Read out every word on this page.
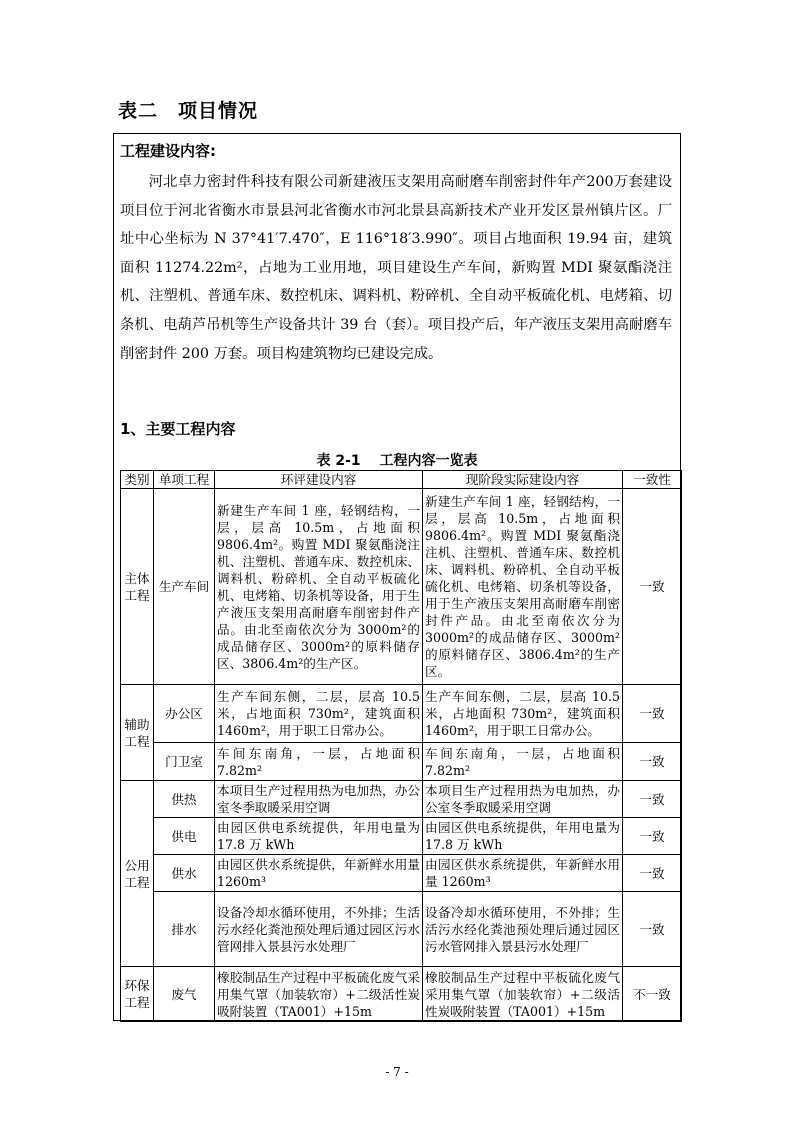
表二　项目情况
工程建设内容:

河北卓力密封件科技有限公司新建液压支架用高耐磨车削密封件年产200万套建设项目位于河北省衡水市景县河北省衡水市河北景县高新技术产业开发区景州镇片区。厂址中心坐标为 N 37°41′7.470″，E 116°18′3.990″。项目占地面积 19.94 亩，建筑面积 11274.22m²，占地为工业用地，项目建设生产车间，新购置 MDI 聚氨酯浇注机、注塑机、普通车床、数控机床、调料机、粉碎机、全自动平板硫化机、电烤箱、切条机、电葫芦吊机等生产设备共计 39 台（套）。项目投产后，年产液压支架用高耐磨车削密封件 200 万套。项目构建筑物均已建设完成。

1、主要工程内容
表 2-1　 工程内容一览表
类别	单项工程	环评建设内容	现阶段实际建设内容	一致性
主体工程	生产车间	新建生产车间 1 座，轻钢结构，一层，层高 10.5m，占地面积 9806.4m²。购置 MDI 聚氨酯浇注机、注塑机、普通车床、数控机床、调料机、粉碎机、全自动平板硫化机、电烤箱、切条机等设备，用于生产液压支架用高耐磨车削密封件产品。由北至南依次分为 3000m²的成品储存区、3000m²的原料储存区、3806.4m²的生产区。	新建生产车间 1 座，轻钢结构，一层，层高 10.5m，占地面积 9806.4m²。购置 MDI 聚氨酯浇注机、注塑机、普通车床、数控机床、调料机、粉碎机、全自动平板硫化机、电烤箱、切条机等设备，用于生产液压支架用高耐磨车削密封件产品。由北至南依次分为 3000m²的成品储存区、3000m²的原料储存区、3806.4m²的生产区。	一致
辅助工程	办公区	生产车间东侧，二层，层高 10.5 米，占地面积 730m²，建筑面积 1460m²，用于职工日常办公。	生产车间东侧，二层，层高 10.5 米，占地面积 730m²，建筑面积 1460m²，用于职工日常办公。	一致
	门卫室	车间东南角，一层，占地面积 7.82m²	车间东南角，一层，占地面积 7.82m²	一致
公用工程	供热	本项目生产过程用热为电加热，办公室冬季取暖采用空调	本项目生产过程用热为电加热，办公室冬季取暖采用空调	一致
	供电	由园区供电系统提供，年用电量为 17.8 万 kWh	由园区供电系统提供，年用电量为 17.8 万 kWh	一致
	供水	由园区供水系统提供，年新鲜水用量 1260m³	由园区供水系统提供，年新鲜水用量 1260m³	一致
	排水	设备冷却水循环使用，不外排；生活污水经化粪池预处理后通过园区污水管网排入景县污水处理厂	设备冷却水循环使用，不外排；生活污水经化粪池预处理后通过园区污水管网排入景县污水处理厂	一致
环保工程	废气	橡胶制品生产过程中平板硫化废气采用集气罩（加装软帘）+二级活性炭吸附装置（TA001）+15m	橡胶制品生产过程中平板硫化废气采用集气罩（加装软帘）+二级活性炭吸附装置（TA001）+15m	不一致
- 7 -
